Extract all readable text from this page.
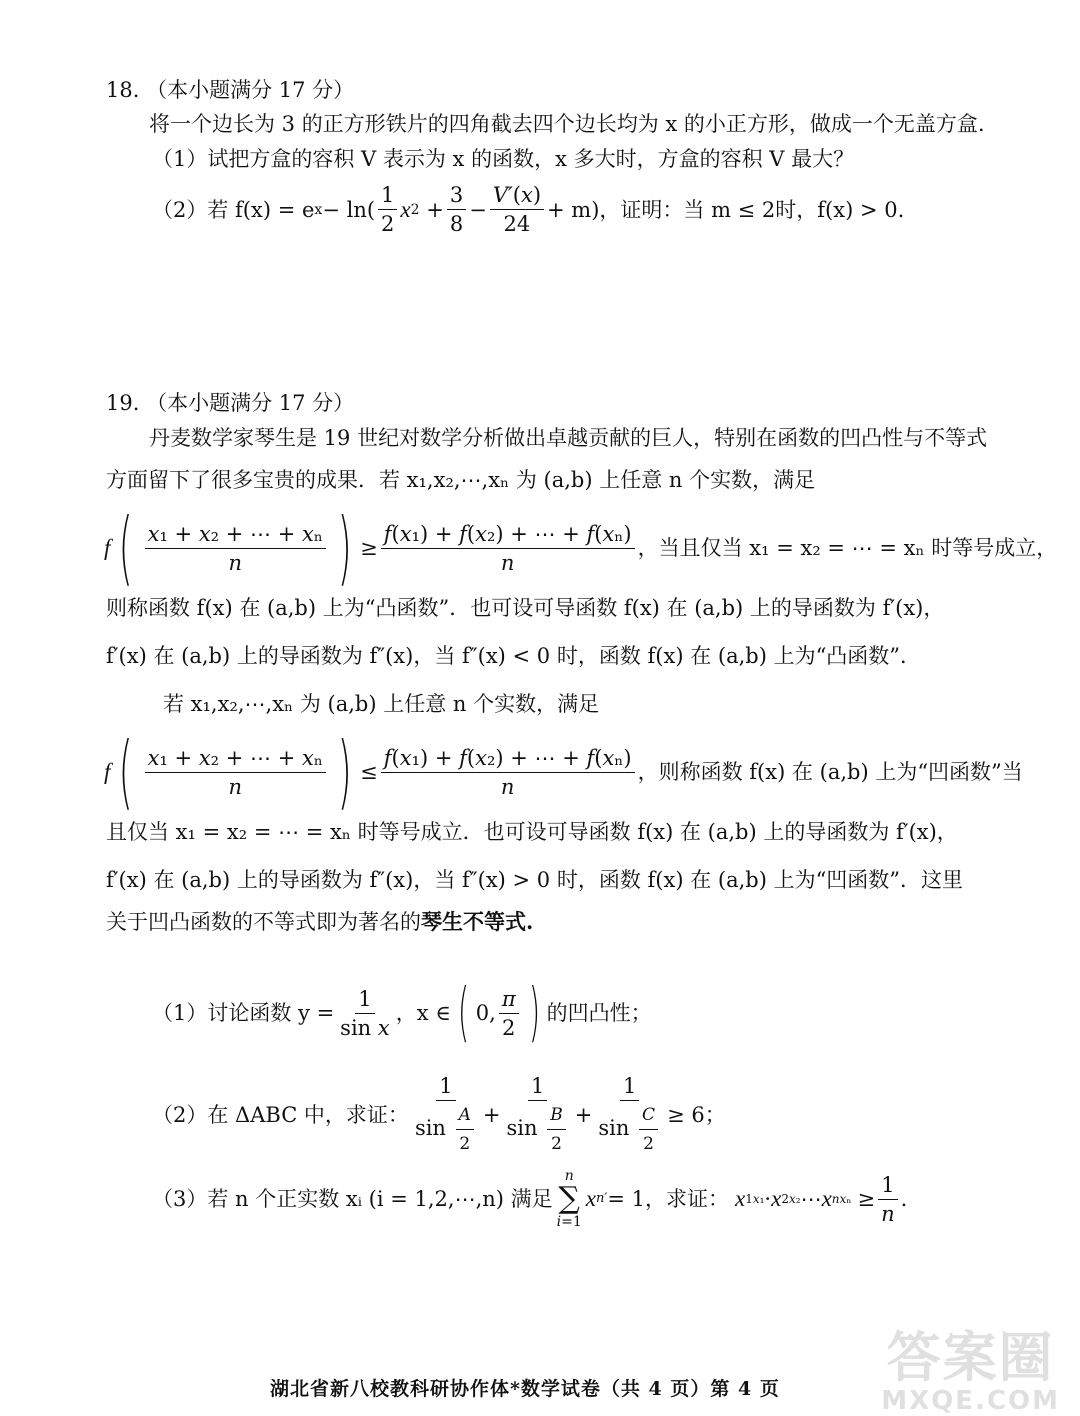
18. （本小题满分 17 分）
将一个边长为 3 的正方形铁片的四角截去四个边长均为 x 的小正方形，做成一个无盖方盒.
（1）试把方盒的容积 V 表示为 x 的函数，x 多大时，方盒的容积 V 最大？
（2）若 f(x) = e $x - \ln( \frac{1}{2}$ x $2 + \frac{3}{8} - \frac{V'(x)}{24} + m$)，证明：当 m ≤ 2时，f(x) > 0.
19. （本小题满分 17 分）
丹麦数学家琴生是 19 世纪对数学分析做出卓越贡献的巨人，特别在函数的凹凸性与不等式
方面留下了很多宝贵的成果．若 x₁,x₂,⋯,xₙ 为 (a,b) 上任意 n 个实数，满足
f ( $\frac{\text{x₁ + x₂ + ⋯ + xₙ}}{n}$ ) ≥ $\frac{\text{f(x₁) + f(x₂) + ⋯ + f(xₙ)}}{n}$ ，当且仅当 x₁ = x₂ = ⋯ = xₙ 时等号成立，
则称函数 f(x) 在 (a,b) 上为“凸函数”．也可设可导函数 f(x) 在 (a,b) 上的导函数为 f′(x)，
f′(x) 在 (a,b) 上的导函数为 f″(x)，当 f″(x) < 0 时，函数 f(x) 在 (a,b) 上为“凸函数”．
若 x₁,x₂,⋯,xₙ 为 (a,b) 上任意 n 个实数，满足
f ( $\frac{\text{x₁ + x₂ + ⋯ + xₙ}}{n}$ ) ≤ $\frac{\text{f(x₁) + f(x₂) + ⋯ + f(xₙ)}}{n}$ ，则称函数 f(x) 在 (a,b) 上为“凹函数”当
且仅当 x₁ = x₂ = ⋯ = xₙ 时等号成立．也可设可导函数 f(x) 在 (a,b) 上的导函数为 f′(x)，
f′(x) 在 (a,b) 上的导函数为 f″(x)，当 f″(x) > 0 时，函数 f(x) 在 (a,b) 上为“凹函数”．这里
关于凹凸函数的不等式即为著名的琴生不等式.
（1）讨论函数 $y = \frac{1}{\text{sin x}}$ ，x ∈ ( 0, $\frac{\pi}{2}$ ) 的凹凸性；
（2）在 ΔABC 中，求证： $\frac{1}{\sin \frac{A}{2}} + \frac{1}{\sin \frac{B}{2}} + \frac{1}{\sin \frac{C}{2}} \ge 6$；
（3）若 n 个正实数 xᵢ (i = 1,2,⋯,n) 满足
n
∑
i=1
x n′ = 1，求证： x 1 x₁ · x 2 x₂ ⋯ x n $x_n \ge \frac{1}{n}$ .
答案圈
MXQE.COM
湖北省新八校教科研协作体*数学试卷（共 4 页）第 4 页
